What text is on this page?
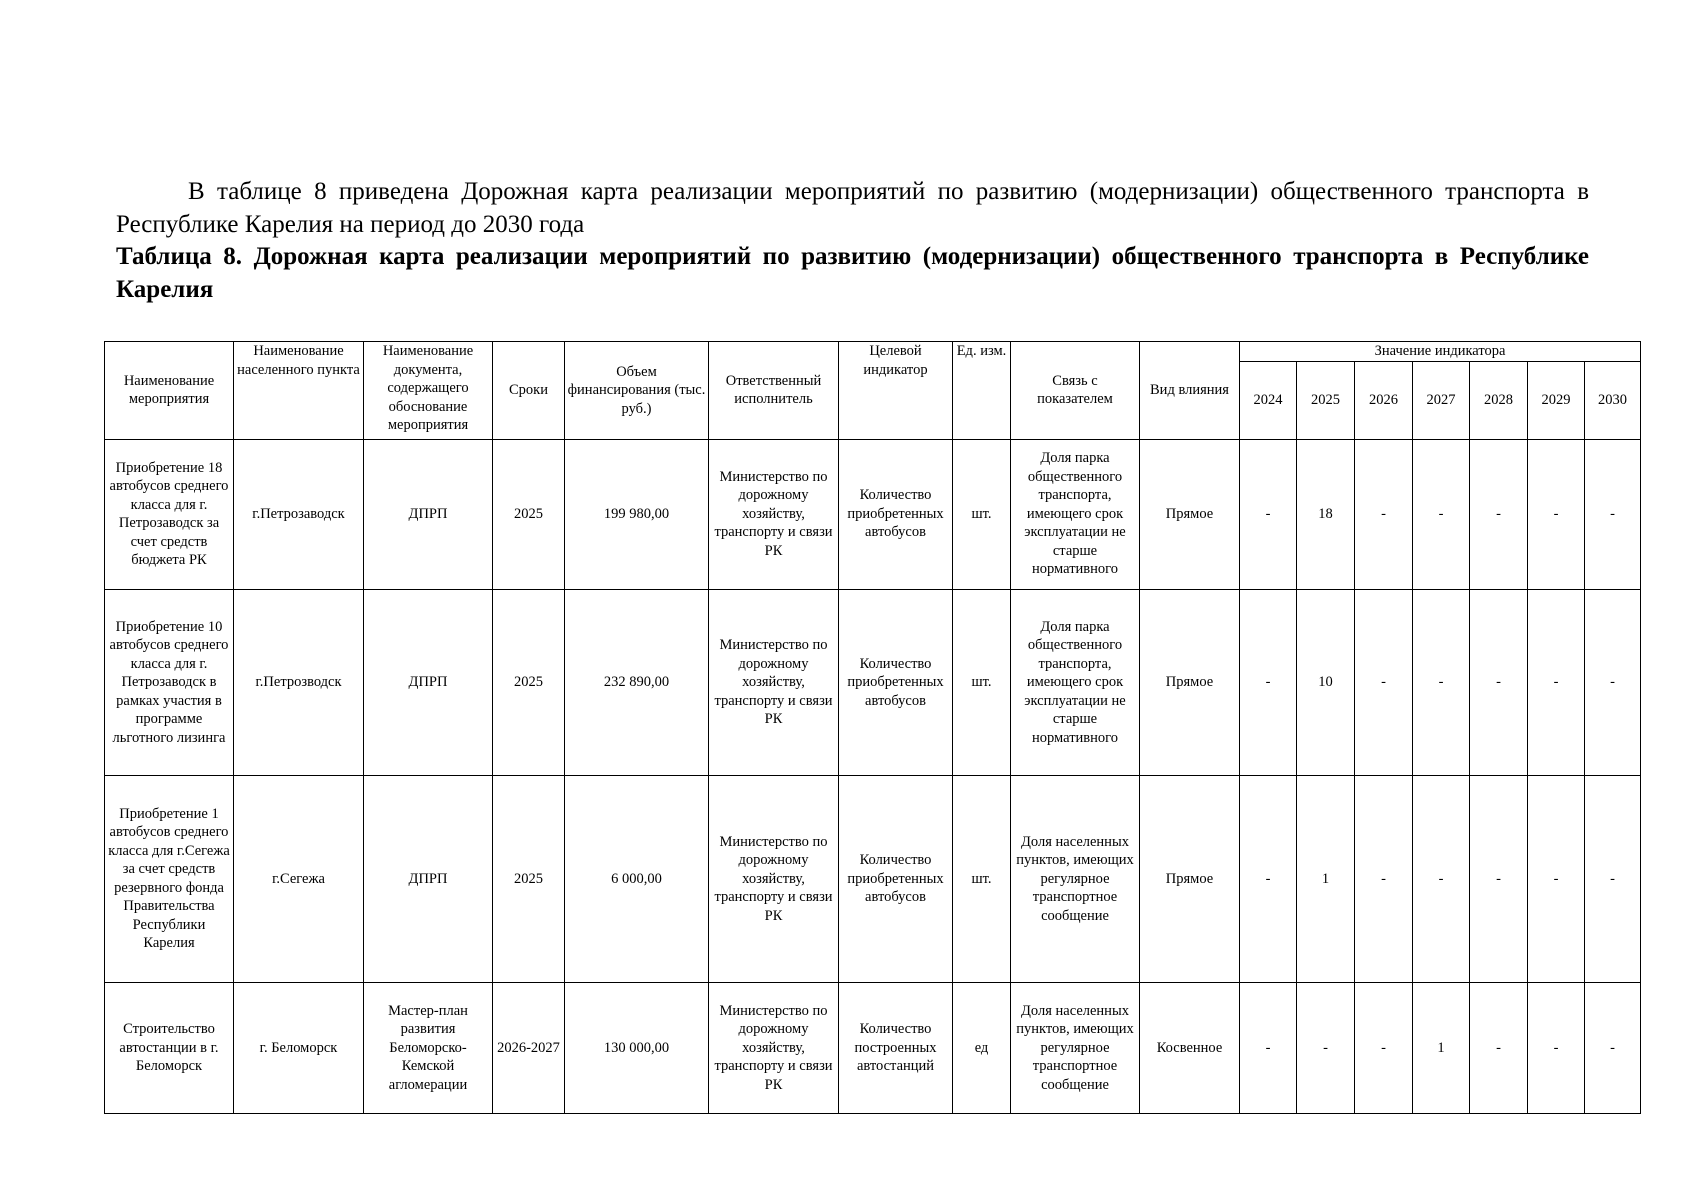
В таблице 8 приведена Дорожная карта реализации мероприятий по развитию (модернизации) общественного транспорта в Республике Карелия на период до 2030 года

Таблица 8. Дорожная карта реализации мероприятий по развитию (модернизации) общественного транспорта в Республике Карелия

Наименование мероприятия	Наименование населенного пункта	Наименование документа, содержащего обоснование мероприятия	Сроки	Объем финансирования (тыс. руб.)	Ответственный исполнитель	Целевой индикатор	Ед. изм.	Связь с показателем	Вид влияния	Значение индикатора						
										2024	2025	2026	2027	2028	2029	2030

Приобретение 18 автобусов среднего класса для г. Петрозаводск за счет средств бюджета РК	г.Петрозаводск	ДПРП	2025	199 980,00	Министерство по дорожному хозяйству, транспорту и связи РК	Количество приобретенных автобусов	шт.	Доля парка общественного транспорта, имеющего срок эксплуатации не старше нормативного	Прямое	-	18	-	-	-	-	-

Приобретение 10 автобусов среднего класса для г. Петрозаводск в рамках участия в программе льготного лизинга	г.Петрозводск	ДПРП	2025	232 890,00	Министерство по дорожному хозяйству, транспорту и связи РК	Количество приобретенных автобусов	шт.	Доля парка общественного транспорта, имеющего срок эксплуатации не старше нормативного	Прямое	-	10	-	-	-	-	-

Приобретение 1 автобусов среднего класса для г.Сегежа за счет средств резервного фонда Правительства Республики Карелия	г.Сегежа	ДПРП	2025	6 000,00	Министерство по дорожному хозяйству, транспорту и связи РК	Количество приобретенных автобусов	шт.	Доля населенных пунктов, имеющих регулярное транспортное сообщение	Прямое	-	1	-	-	-	-	-

Строительство автостанции в г. Беломорск	г. Беломорск	Мастер-план развития Беломорско-Кемской агломерации	2026-2027	130 000,00	Министерство по дорожному хозяйству, транспорту и связи РК	Количество построенных автостанций	ед	Доля населенных пунктов, имеющих регулярное транспортное сообщение	Косвенное	-	-	-	1	-	-	-
